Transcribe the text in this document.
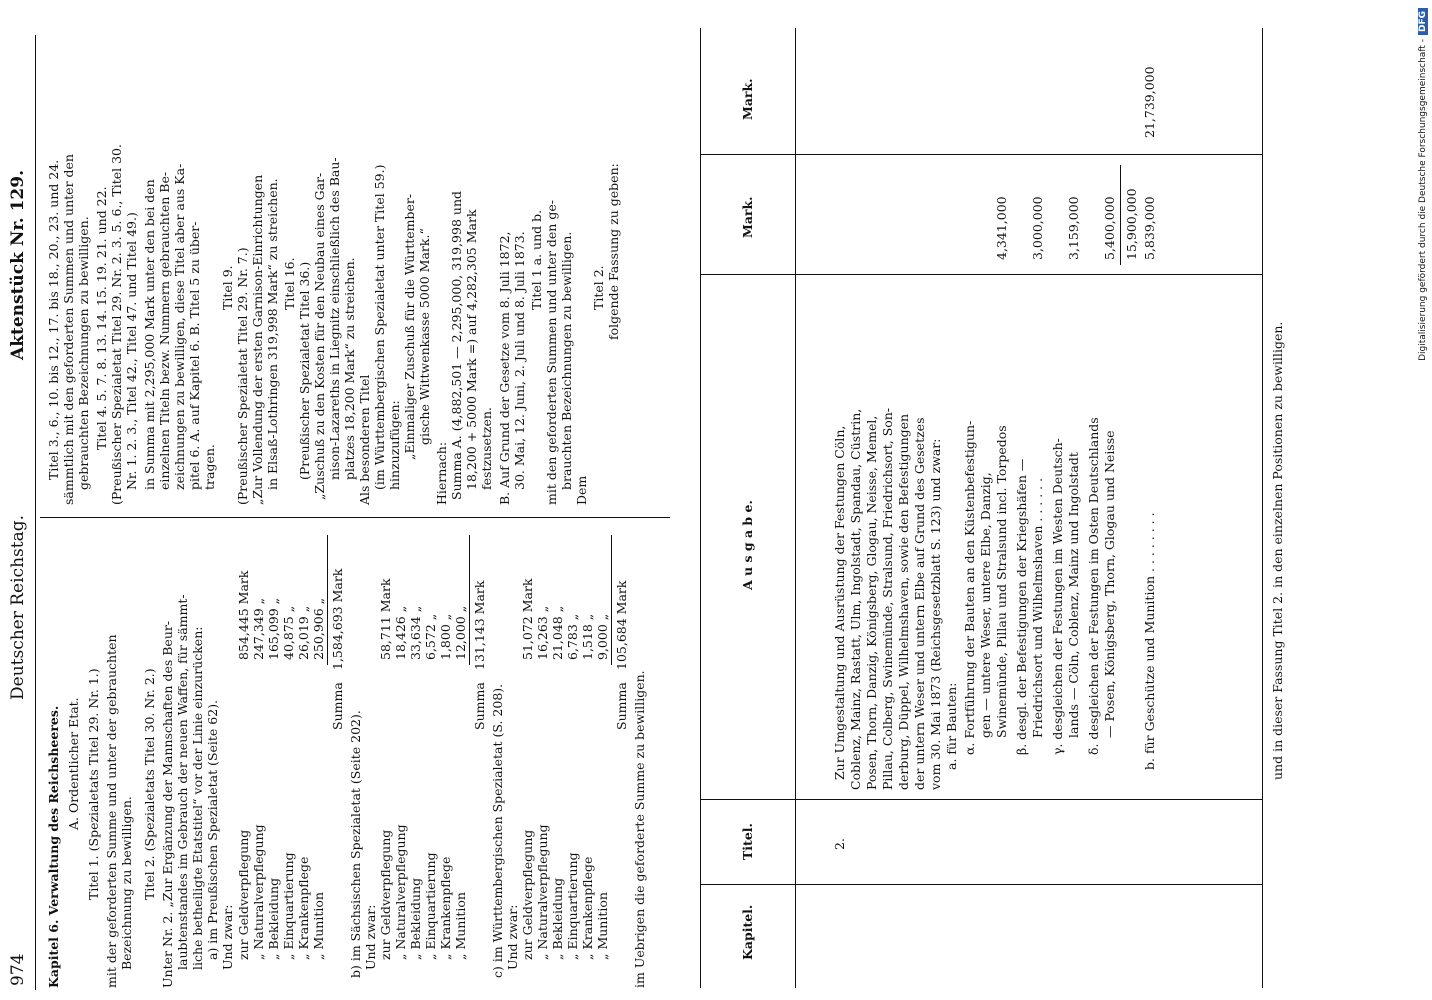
974
Deutscher Reichstag.
Aktenstück Nr. 129.
Kapitel 6. Verwaltung des Reichsheeres. A. Ordentlicher Etat. Titel 1. (Spezialetats Titel 29. Nr. 1.) mit der geforderten Summe und unter der gebrauchten Bezeichnung zu bewilligen. Titel 2. (Spezialetats Titel 30. Nr. 2.) Unter Nr. 2. „Zur Ergänzung der Mannschaften des Beur- laubtenstandes im Gebrauch der neuen Waffen, für sämmt- liche betheiligte Etatstitel“ vor der Linie einzurücken: a) im Preußischen Spezialetat (Seite 62). Und zwar: zur Geldverpflegung
854,445 Mark
„ Naturalverpflegung
247,349 „
„ Bekleidung
165,099 „
„ Einquartierung
40,875 „
„ Krankenpflege
26,019 „
„ Munition
250,906 „
Summa
1,584,693 Mark
b) im Sächsischen Spezialetat (Seite 202). Und zwar: zur Geldverpflegung
58,711 Mark
„ Naturalverpflegung
18,426 „
„ Bekleidung
33,634 „
„ Einquartierung
6,572 „
„ Krankenpflege
1,800 „
„ Munition
12,000 „
Summa
131,143 Mark
c) im Württembergischen Spezialetat (S. 208). Und zwar: zur Geldverpflegung
51,072 Mark
„ Naturalverpflegung
16,263 „
„ Bekleidung
21,048 „
„ Einquartierung
6,783 „
„ Krankenpflege
1,518 „
„ Munition
9,000 „
Summa
105,684 Mark
im Uebrigen die geforderte Summe zu bewilligen.
Titel 3., 6., 10. bis 12., 17. bis 18., 20., 23. und 24. sämmtlich mit den geforderten Summen und unter den gebrauchten Bezeichnungen zu bewilligen. Titel 4. 5. 7. 8. 13. 14. 15. 19. 21. und 22. (Preußischer Spezialetat Titel 29. Nr. 2. 3. 5. 6., Titel 30. Nr. 1. 2. 3., Titel 42., Titel 47. und Titel 49.) in Summa mit 2,295,000 Mark unter den bei den einzelnen Titeln bezw. Nummern gebrauchten Be- zeichnungen zu bewilligen, diese Titel aber aus Ka- pitel 6. A. auf Kapitel 6. B. Titel 5 zu über- tragen.
Titel 9. (Preußischer Spezialetat Titel 29. Nr. 7.) „Zur Vollendung der ersten Garnison-Einrichtungen in Elsaß-Lothringen 319,998 Mark“ zu streichen. Titel 16. (Preußischer Spezialetat Titel 36.) „Zuschuß zu den Kosten für den Neubau eines Gar- nison-Lazareths in Liegnitz einschließlich des Bau- platzes 18,200 Mark“ zu streichen. Als besonderen Titel (im Württembergischen Spezialetat unter Titel 59.) hinzuzufügen: „Einmaliger Zuschuß für die Württember- gische Wittwenkasse 5000 Mark.“
Hiernach: Summa A. (4,882,501 — 2,295,000, 319,998 und 18,200 + 5000 Mark =) auf 4,282,305 Mark festzusetzen. B. Auf Grund der Gesetze vom 8. Juli 1872, 30. Mai, 12. Juni, 2. Juli und 8. Juli 1873. Titel 1 a. und b. mit den geforderten Summen und unter den ge- brauchten Bezeichnungen zu bewilligen.
Dem
Titel 2. folgende Fassung zu geben:
Kapitel.
Titel.
A u s g a b e.
Mark.
Mark.
2.
Zur Umgestaltung und Ausrüstung der Festungen Cöln, Coblenz, Mainz, Rastatt, Ulm, Ingolstadt, Spandau, Cüstrin, Posen, Thorn, Danzig, Königsberg, Glogau, Neisse, Memel, Pillau, Colberg, Swinemünde, Stralsund, Friedrichsort, Son- derburg, Düppel, Wilhelmshaven, sowie den Befestigungen der untern Weser und untern Elbe auf Grund des Gesetzes vom 30. Mai 1873 (Reichsgesetzblatt S. 123) und zwar: a. für Bauten: α. Fortführung der Bauten an den Küstenbefestigun- gen — untere Weser, untere Elbe, Danzig, Swinemünde, Pillau und Stralsund incl. Torpedos
4,341,000
β. desgl. der Befestigungen der Kriegshäfen — Friedrichsort und Wilhelmshaven . . . . . .
3,000,000
γ. desgleichen der Festungen im Westen Deutsch- lands — Cöln, Coblenz, Mainz und Ingolstadt
3,159,000
δ. desgleichen der Festungen im Osten Deutschlands — Posen, Königsberg, Thorn, Glogau und Neisse
5,400,000 15,900,000
b. für Geschütze und Munition . . . . . . . .
5,839,000
21,739,000
und in dieser Fassung Titel 2. in den einzelnen Positionen zu bewilligen.
Digitalisierung gefördert durch die Deutsche Forschungsgemeinschaft -DFG
